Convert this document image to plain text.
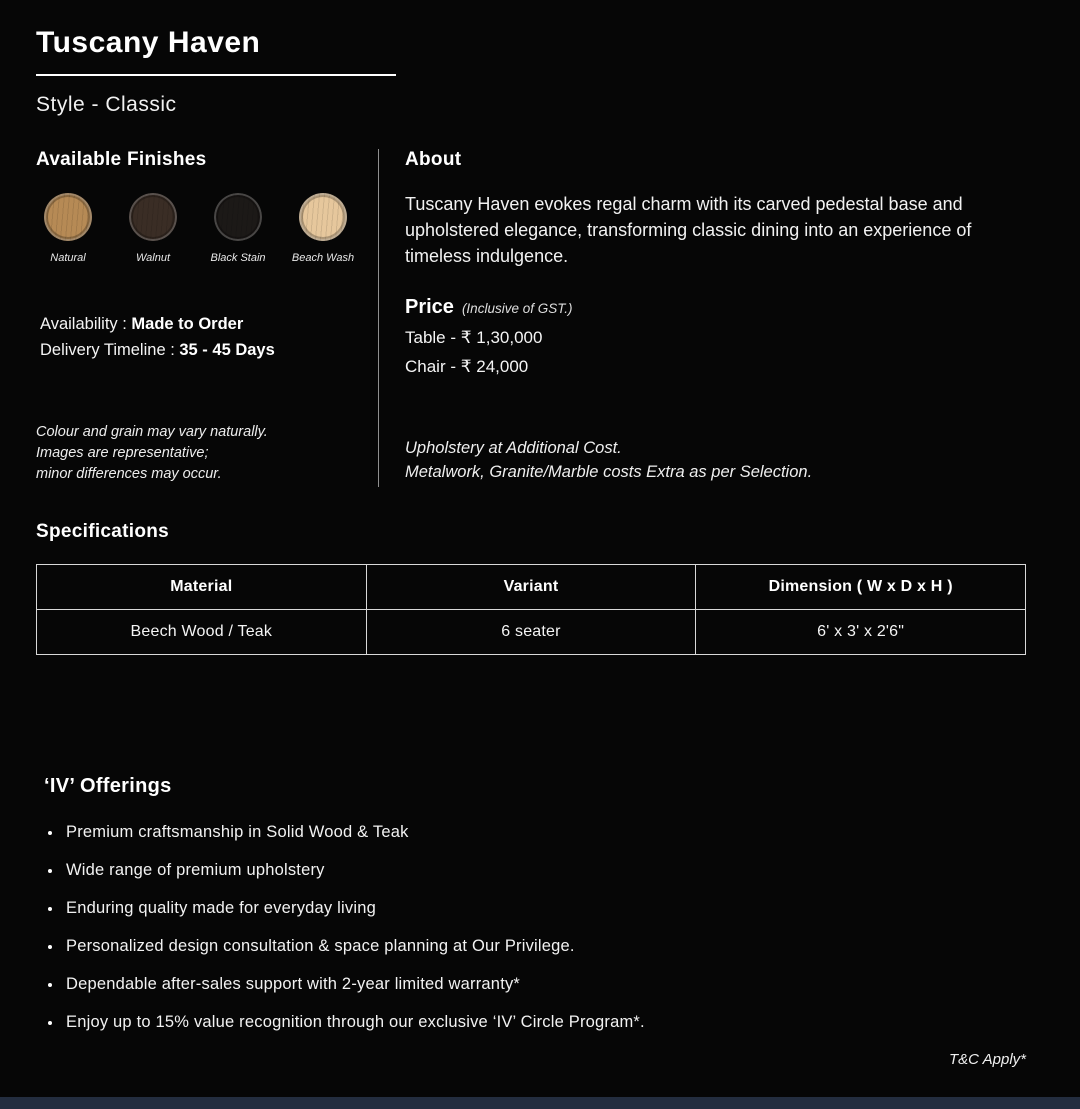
Tuscany Haven
Style - Classic
Available Finishes
Natural	Walnut	Black Stain Beach Wash
Availability : Made to Order
Delivery Timeline : 35 - 45 Days
Colour and grain may vary naturally.
Images are representative;
minor differences may occur.
About

Tuscany Haven evokes regal charm with its carved pedestal base and upholstered elegance, transforming classic dining into an experience of timeless indulgence.

Price (Inclusive of GST.)
Table - ₹ 1,30,000
Chair - ₹ 24,000
Upholstery at Additional Cost.
Metalwork, Granite/Marble costs Extra as per Selection.
Specifications
Material	Variant	Dimension ( W x D x H )
Beech Wood / Teak	6 seater	6' x 3' x 2'6"
‘IV’ Offerings
Premium craftsmanship in Solid Wood & Teak
Wide range of premium upholstery
Enduring quality made for everyday living
Personalized design consultation & space planning at Our Privilege.
Dependable after-sales support with 2-year limited warranty*
Enjoy up to 15% value recognition through our exclusive ‘IV’ Circle Program*.
T&C Apply*
